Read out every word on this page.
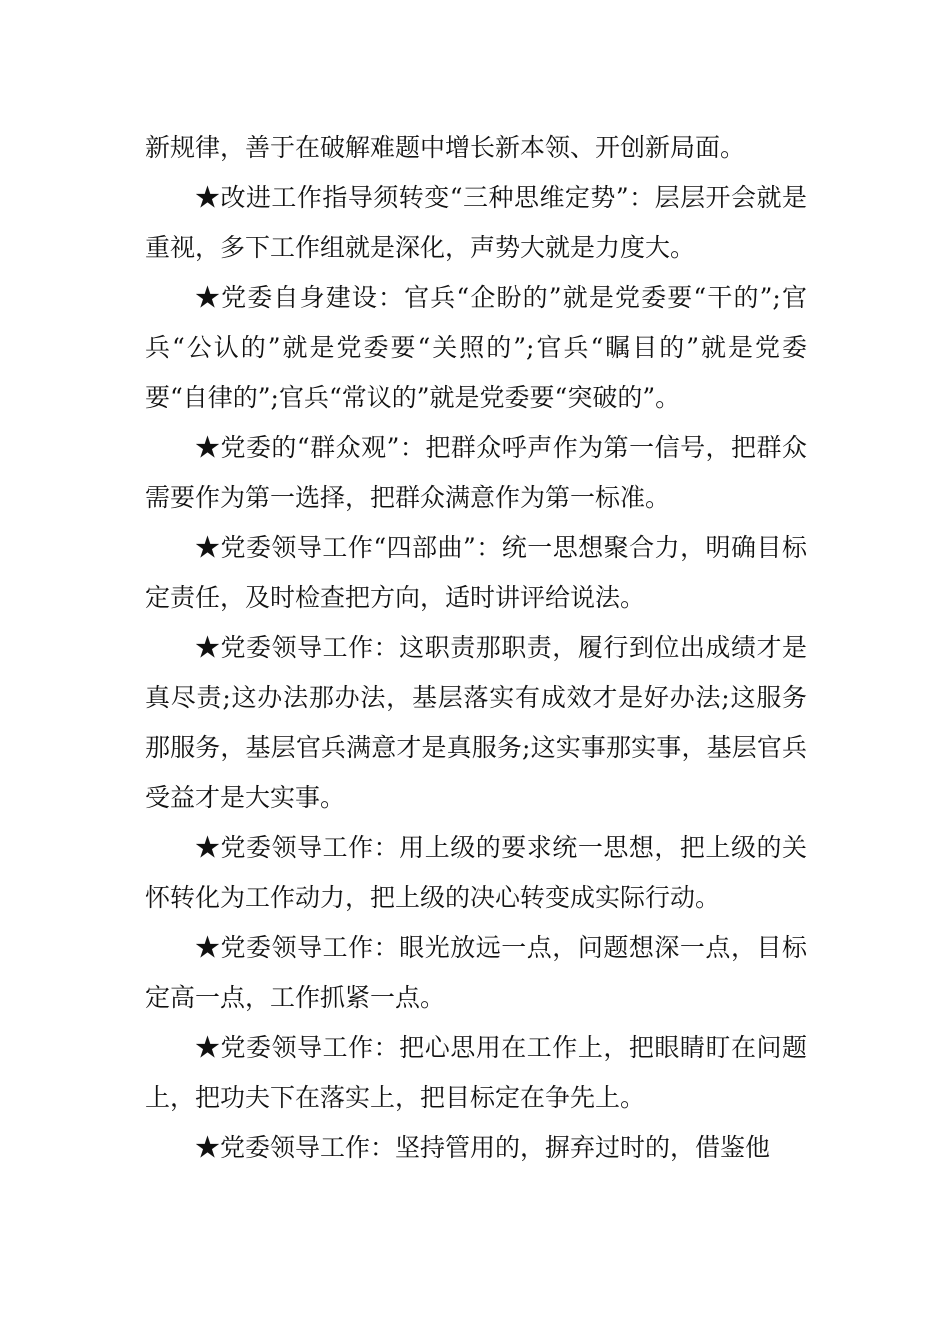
新规律，善于在破解难题中增长新本领、开创新局面。

★改进工作指导须转变“三种思维定势”：层层开会就是重视，多下工作组就是深化，声势大就是力度大。

★党委自身建设：官兵“企盼的”就是党委要“干的”;官兵“公认的”就是党委要“关照的”;官兵“瞩目的”就是党委要“自律的”;官兵“常议的”就是党委要“突破的”。

★党委的“群众观”：把群众呼声作为第一信号，把群众需要作为第一选择，把群众满意作为第一标准。

★党委领导工作“四部曲”：统一思想聚合力，明确目标定责任，及时检查把方向，适时讲评给说法。

★党委领导工作：这职责那职责，履行到位出成绩才是真尽责;这办法那办法，基层落实有成效才是好办法;这服务那服务，基层官兵满意才是真服务;这实事那实事，基层官兵受益才是大实事。

★党委领导工作：用上级的要求统一思想，把上级的关怀转化为工作动力，把上级的决心转变成实际行动。

★党委领导工作：眼光放远一点，问题想深一点，目标定高一点，工作抓紧一点。

★党委领导工作：把心思用在工作上，把眼睛盯在问题上，把功夫下在落实上，把目标定在争先上。

★党委领导工作：坚持管用的，摒弃过时的，借鉴他
